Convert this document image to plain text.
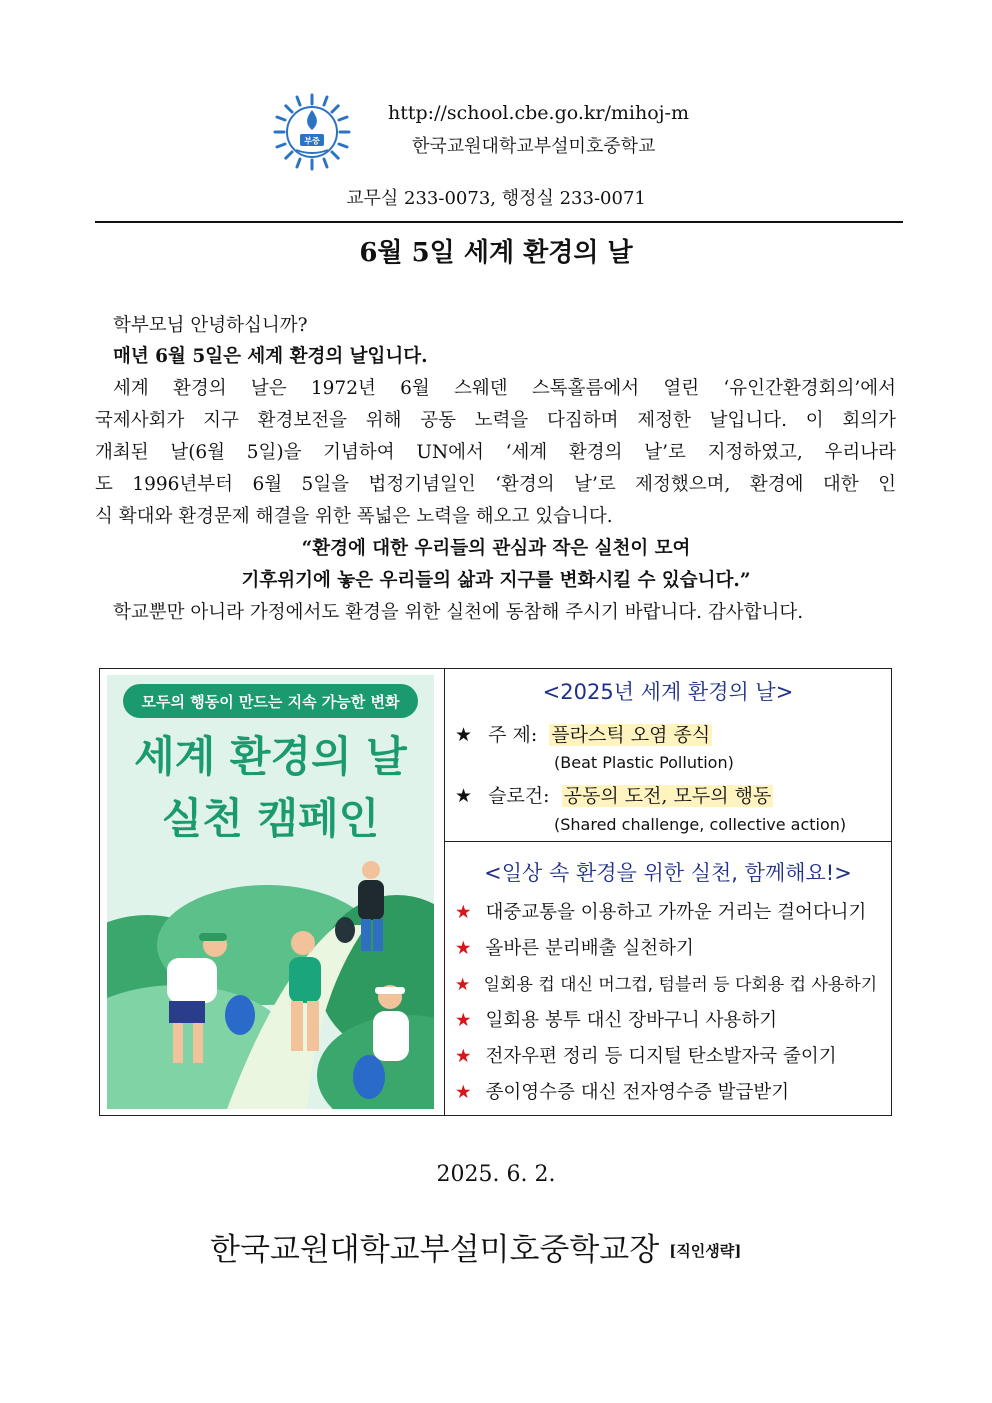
부중
http://school.cbe.go.kr/mihoj-m
한국교원대학교부설미호중학교
교무실 233-0073, 행정실 233-0071
6월 5일 세계 환경의 날
학부모님 안녕하십니까?
매년 6월 5일은 세계 환경의 날입니다.
세계 환경의 날은 1972년 6월 스웨덴 스톡홀름에서 열린 ‘유인간환경회의’에서
국제사회가 지구 환경보전을 위해 공동 노력을 다짐하며 제정한 날입니다. 이 회의가
개최된 날(6월 5일)을 기념하여 UN에서 ‘세계 환경의 날’로 지정하였고, 우리나라
도 1996년부터 6월 5일을 법정기념일인 ‘환경의 날’로 제정했으며, 환경에 대한 인
식 확대와 환경문제 해결을 위한 폭넓은 노력을 해오고 있습니다.
“환경에 대한 우리들의 관심과 작은 실천이 모여
기후위기에 놓은 우리들의 삶과 지구를 변화시킬 수 있습니다.”
학교뿐만 아니라 가정에서도 환경을 위한 실천에 동참해 주시기 바랍니다. 감사합니다.
모두의 행동이 만드는 지속 가능한 변화
세계 환경의 날
실천 캠페인
<2025년 세계 환경의 날>
★ 주 제: 플라스틱 오염 종식
(Beat Plastic Pollution)
★ 슬로건: 공동의 도전, 모두의 행동
(Shared challenge, collective action)
<일상 속 환경을 위한 실천, 함께해요!>
★ 대중교통을 이용하고 가까운 거리는 걸어다니기
★ 올바른 분리배출 실천하기
★ 일회용 컵 대신 머그컵, 텀블러 등 다회용 컵 사용하기
★ 일회용 봉투 대신 장바구니 사용하기
★ 전자우편 정리 등 디지털 탄소발자국 줄이기
★ 종이영수증 대신 전자영수증 발급받기
2025. 6. 2.
한국교원대학교부설미호중학교장 [직인생략]
